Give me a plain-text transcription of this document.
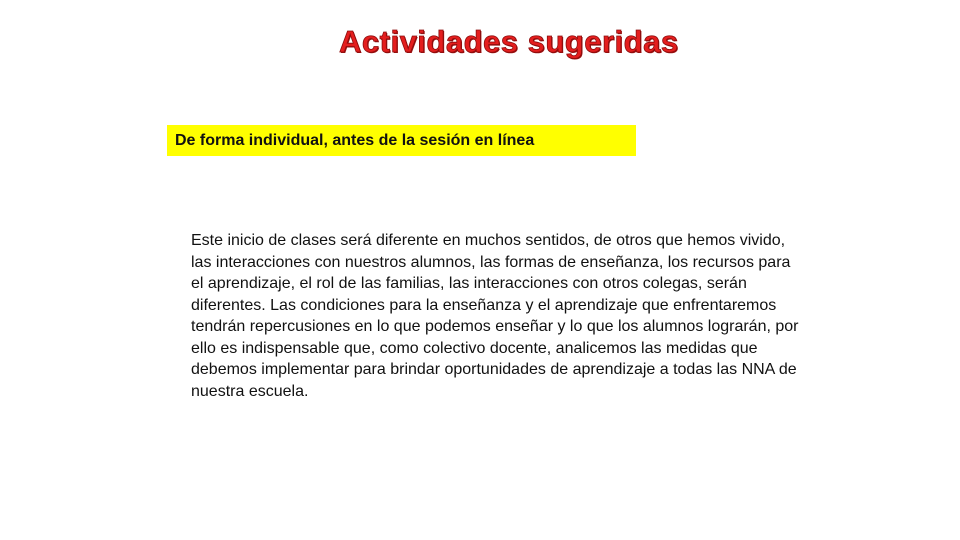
Actividades sugeridas
De forma individual, antes de la sesión en línea

Este inicio de clases será diferente en muchos sentidos, de otros que hemos vivido, las interacciones con nuestros alumnos, las formas de enseñanza, los recursos para el aprendizaje, el rol de las familias, las interacciones con otros colegas, serán diferentes. Las condiciones para la enseñanza y el aprendizaje que enfrentaremos tendrán repercusiones en lo que podemos enseñar y lo que los alumnos lograrán, por ello es indispensable que, como colectivo docente, analicemos las medidas que debemos implementar para brindar oportunidades de aprendizaje a todas las NNA de nuestra escuela.
